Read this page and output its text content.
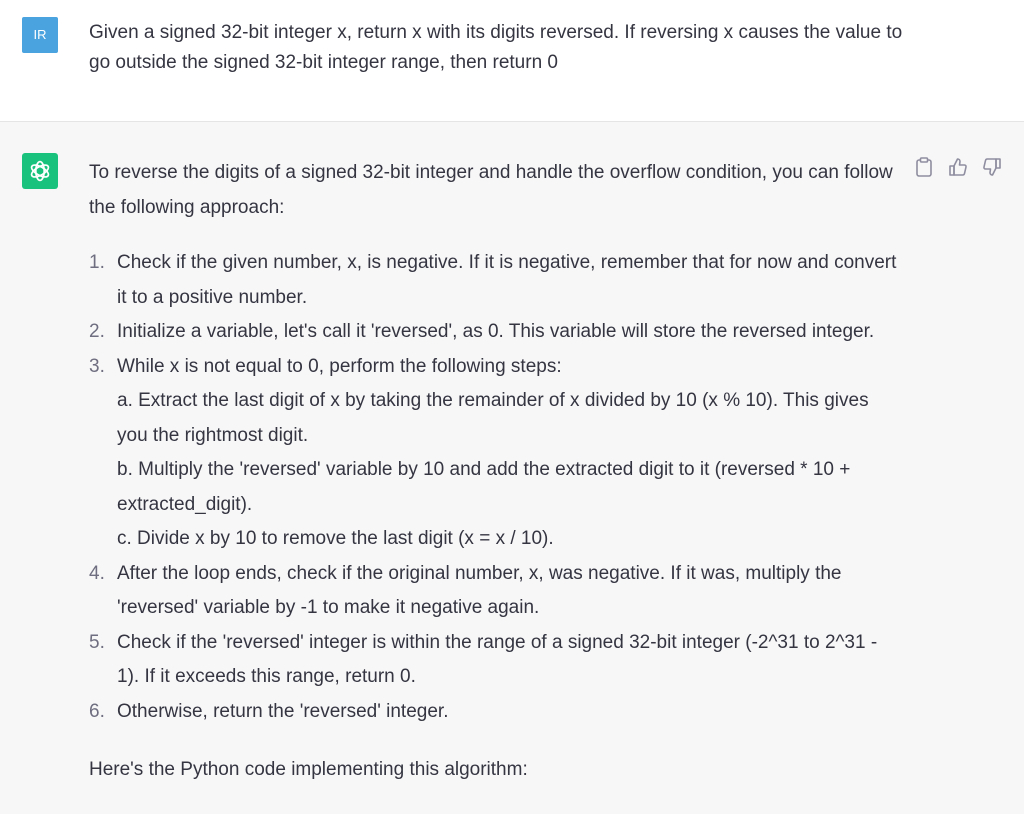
IR	Given a signed 32-bit integer x, return x with its digits reversed. If reversing x causes the value to go outside the signed 32-bit integer range, then return 0

To reverse the digits of a signed 32-bit integer and handle the overflow condition, you can follow the following approach:

1. Check if the given number, x, is negative. If it is negative, remember that for now and convert it to a positive number.
2. Initialize a variable, let's call it 'reversed', as 0. This variable will store the reversed integer.
3. While x is not equal to 0, perform the following steps:
a. Extract the last digit of x by taking the remainder of x divided by 10 (x % 10). This gives you the rightmost digit.
b. Multiply the 'reversed' variable by 10 and add the extracted digit to it (reversed * 10 + extracted_digit).
c. Divide x by 10 to remove the last digit (x = x / 10).
4. After the loop ends, check if the original number, x, was negative. If it was, multiply the 'reversed' variable by -1 to make it negative again.
5. Check if the 'reversed' integer is within the range of a signed 32-bit integer (-2^31 to 2^31 - 1). If it exceeds this range, return 0.
6. Otherwise, return the 'reversed' integer.

Here's the Python code implementing this algorithm:
